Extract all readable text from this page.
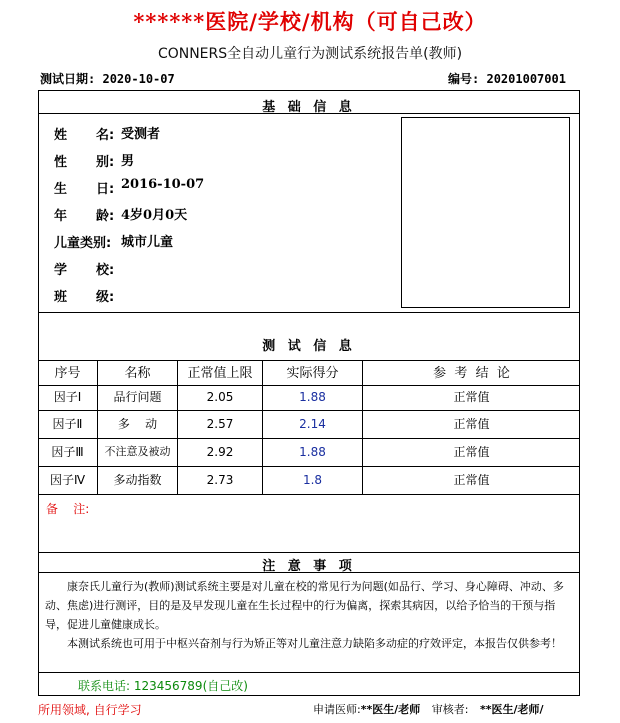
******医院/学校/机构（可自己改）
CONNERS全自动儿童行为测试系统报告单(教师)
测试日期: 2020-10-07	编号: 20201007001
基 础 信 息
姓 名: 受测者
性 别: 男
生 日: 2016-10-07
年 龄: 4岁0月0天
儿童类别: 城市儿童
学 校:
班 级:
测 试 信 息
序号	名称	正常值上限	实际得分	参  考  结  论
因子Ⅰ	品行问题	2.05	1.88	正常值
因子Ⅱ	多    动	2.57	2.14	正常值
因子Ⅲ	不注意及被动	2.92	1.88	正常值
因子Ⅳ	多动指数	2.73	1.8	正常值
备    注:
注 意 事 项

康奈氏儿童行为(教师)测试系统主要是对儿童在校的常见行为问题(如品行、学习、身心障碍、冲动、多动、焦虑)进行测评，目的是及早发现儿童在生长过程中的行为偏离，探索其病因，以给予恰当的干预与指导，促进儿童健康成长。

本测试系统也可用于中枢兴奋剂与行为矫正等对儿童注意力缺陷多动症的疗效评定，本报告仅供参考！

联系电话: 123456789(自己改)
所用领域, 自行学习	申请医师:**医生/老师 审核者: **医生/老师/
